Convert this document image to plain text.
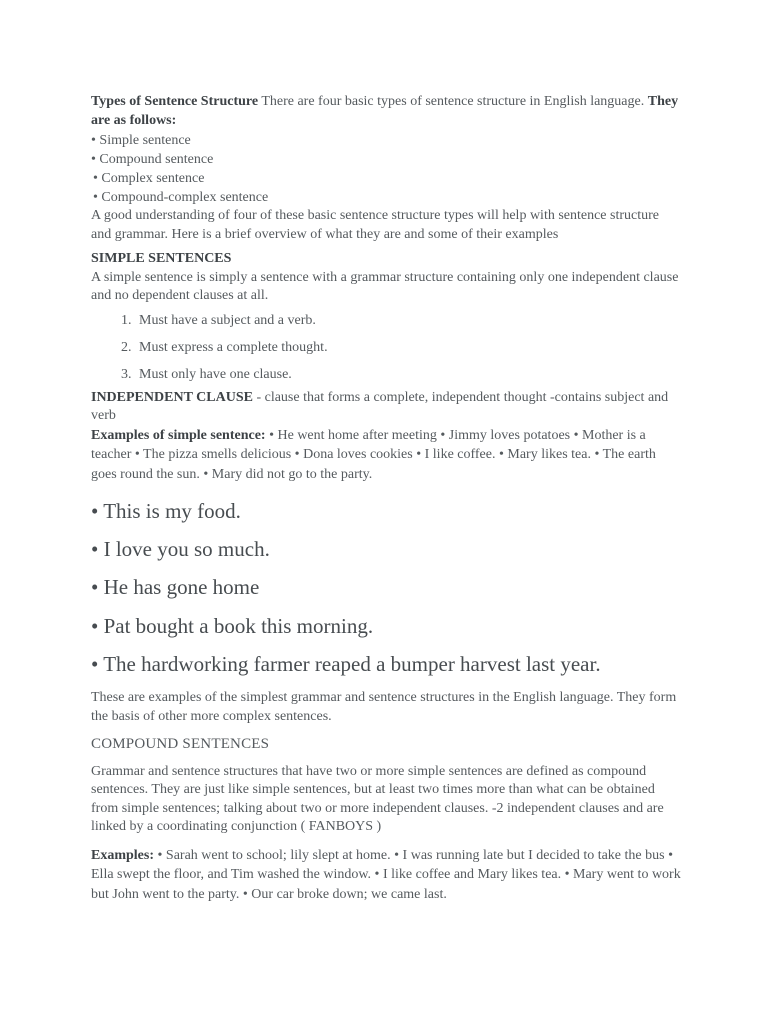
Types of Sentence Structure There are four basic types of sentence structure in English language. They are as follows:

• Simple sentence

• Compound sentence

• Complex sentence

• Compound-complex sentence

A good understanding of four of these basic sentence structure types will help with sentence structure and grammar. Here is a brief overview of what they are and some of their examples

SIMPLE SENTENCES

A simple sentence is simply a sentence with a grammar structure containing only one independent clause and no dependent clauses at all.

1. Must have a subject and a verb.
2. Must express a complete thought.
3. Must only have one clause.

INDEPENDENT CLAUSE - clause that forms a complete, independent thought -contains subject and verb

Examples of simple sentence: • He went home after meeting • Jimmy loves potatoes • Mother is a teacher • The pizza smells delicious • Dona loves cookies • I like coffee. • Mary likes tea. • The earth goes round the sun. • Mary did not go to the party.

• This is my food.

• I love you so much.

• He has gone home

• Pat bought a book this morning.

• The hardworking farmer reaped a bumper harvest last year.

These are examples of the simplest grammar and sentence structures in the English language. They form the basis of other more complex sentences.

COMPOUND SENTENCES

Grammar and sentence structures that have two or more simple sentences are defined as compound sentences. They are just like simple sentences, but at least two times more than what can be obtained from simple sentences; talking about two or more independent clauses. -2 independent clauses and are linked by a coordinating conjunction ( FANBOYS )

Examples: • Sarah went to school; lily slept at home. • I was running late but I decided to take the bus • Ella swept the floor, and Tim washed the window. • I like coffee and Mary likes tea. • Mary went to work but John went to the party. • Our car broke down; we came last.
